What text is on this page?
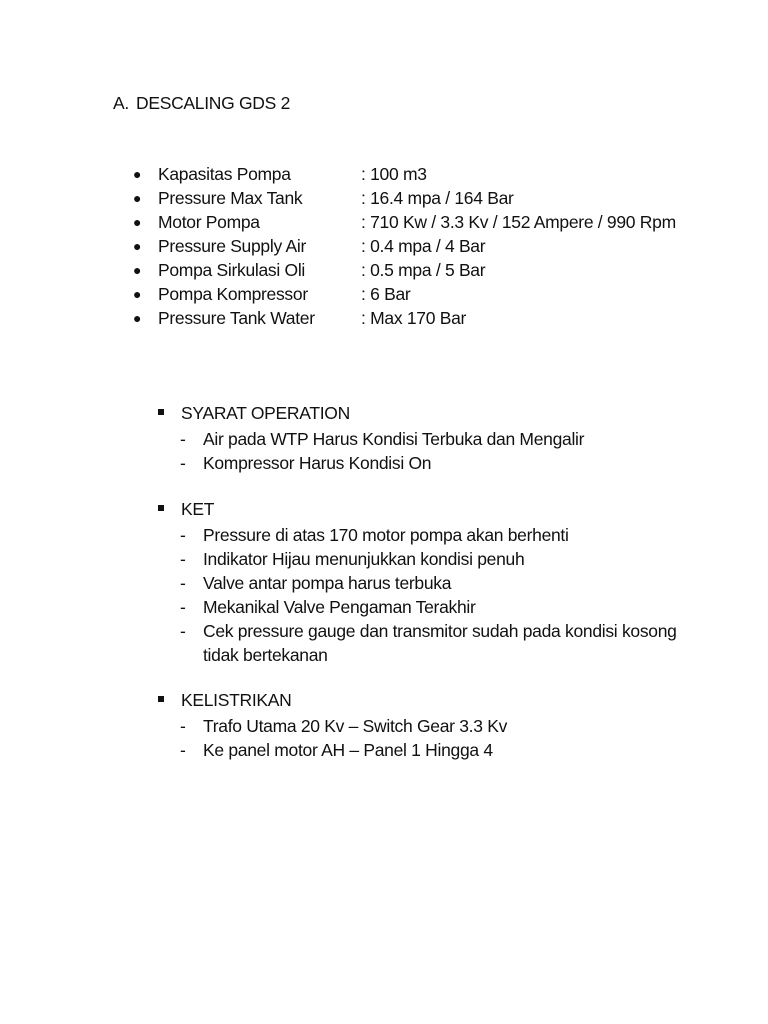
A. DESCALING GDS 2
● Kapasitas Pompa	: 100 m3
● Pressure Max Tank	: 16.4 mpa / 164 Bar
● Motor Pompa	: 710 Kw / 3.3 Kv / 152 Ampere / 990 Rpm
● Pressure Supply Air	: 0.4 mpa / 4 Bar
● Pompa Sirkulasi Oli	: 0.5 mpa / 5 Bar
● Pompa Kompressor	: 6 Bar
● Pressure Tank Water	: Max 170 Bar
SYARAT OPERATION
- Air pada WTP Harus Kondisi Terbuka dan Mengalir
- Kompressor Harus Kondisi On
KET
- Pressure di atas 170 motor pompa akan berhenti
- Indikator Hijau menunjukkan kondisi penuh
- Valve antar pompa harus terbuka
- Mekanikal Valve Pengaman Terakhir
- Cek pressure gauge dan transmitor sudah pada kondisi kosong tidak bertekanan
KELISTRIKAN
- Trafo Utama 20 Kv – Switch Gear 3.3 Kv
- Ke panel motor AH – Panel 1 Hingga 4
